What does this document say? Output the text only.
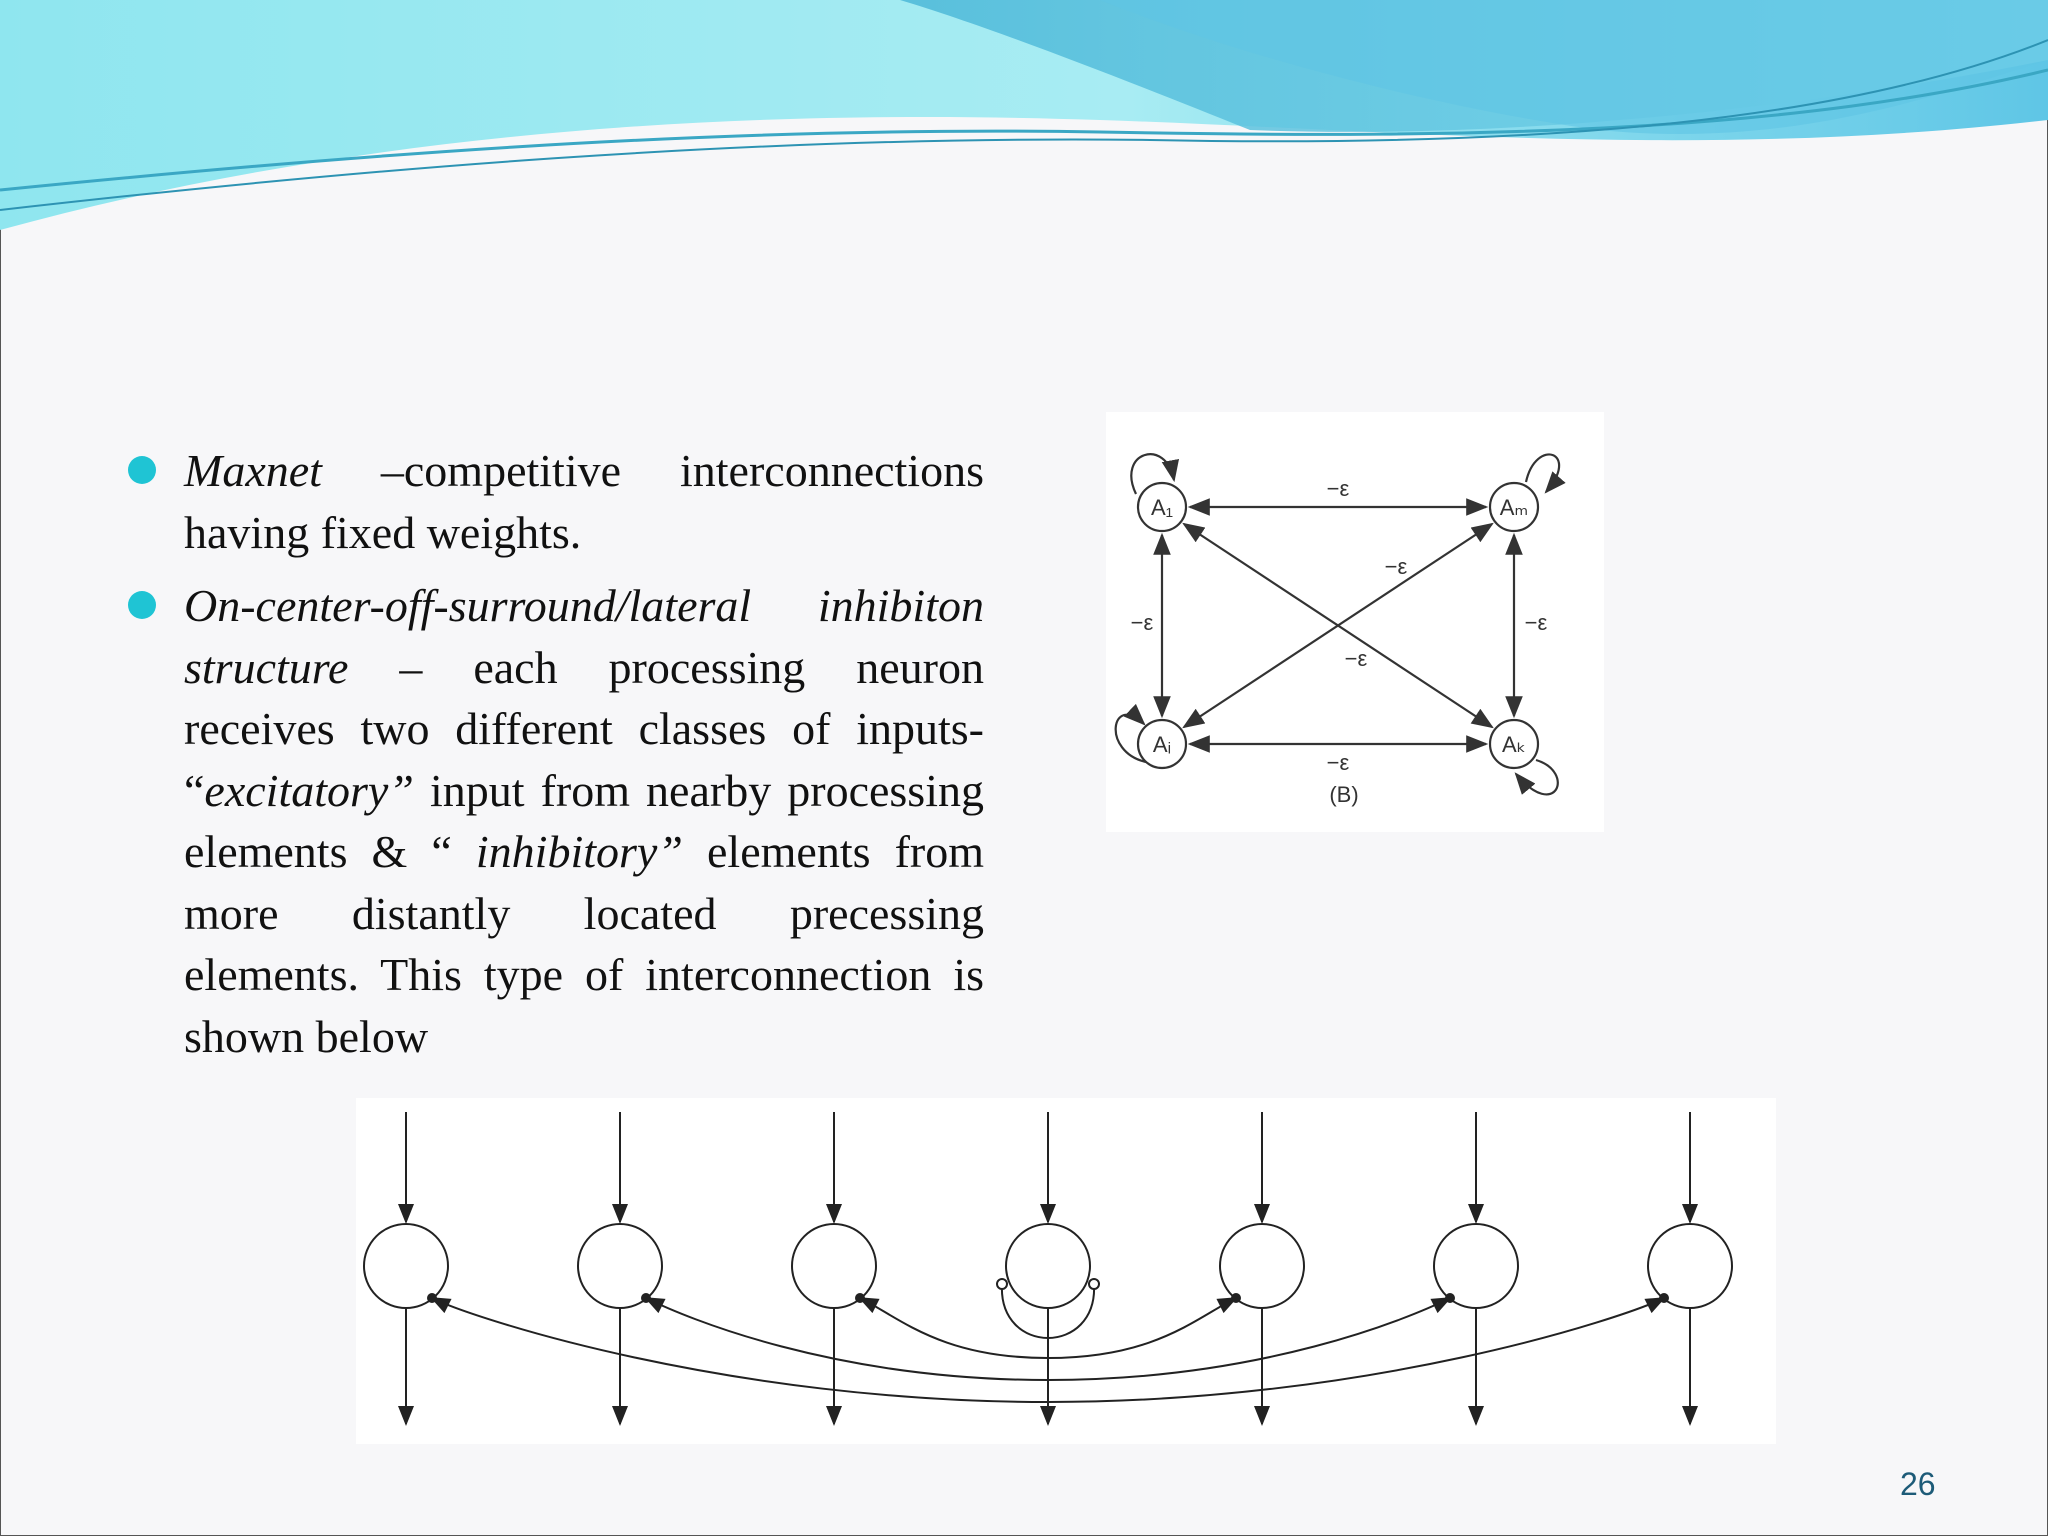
Maxnet –competitive interconnections having fixed weights.
On-center-off-surround/lateral inhibiton structure – each processing neuron receives two different classes of inputs- “excitatory” input from nearby processing elements & “ inhibitory” elements from more distantly located precessing elements. This type of interconnection is shown below
A₁	Aₘ
Aᵢ	Aₖ
−ε
−ε
−ε	−ε
−ε
−ε
(B)
26
